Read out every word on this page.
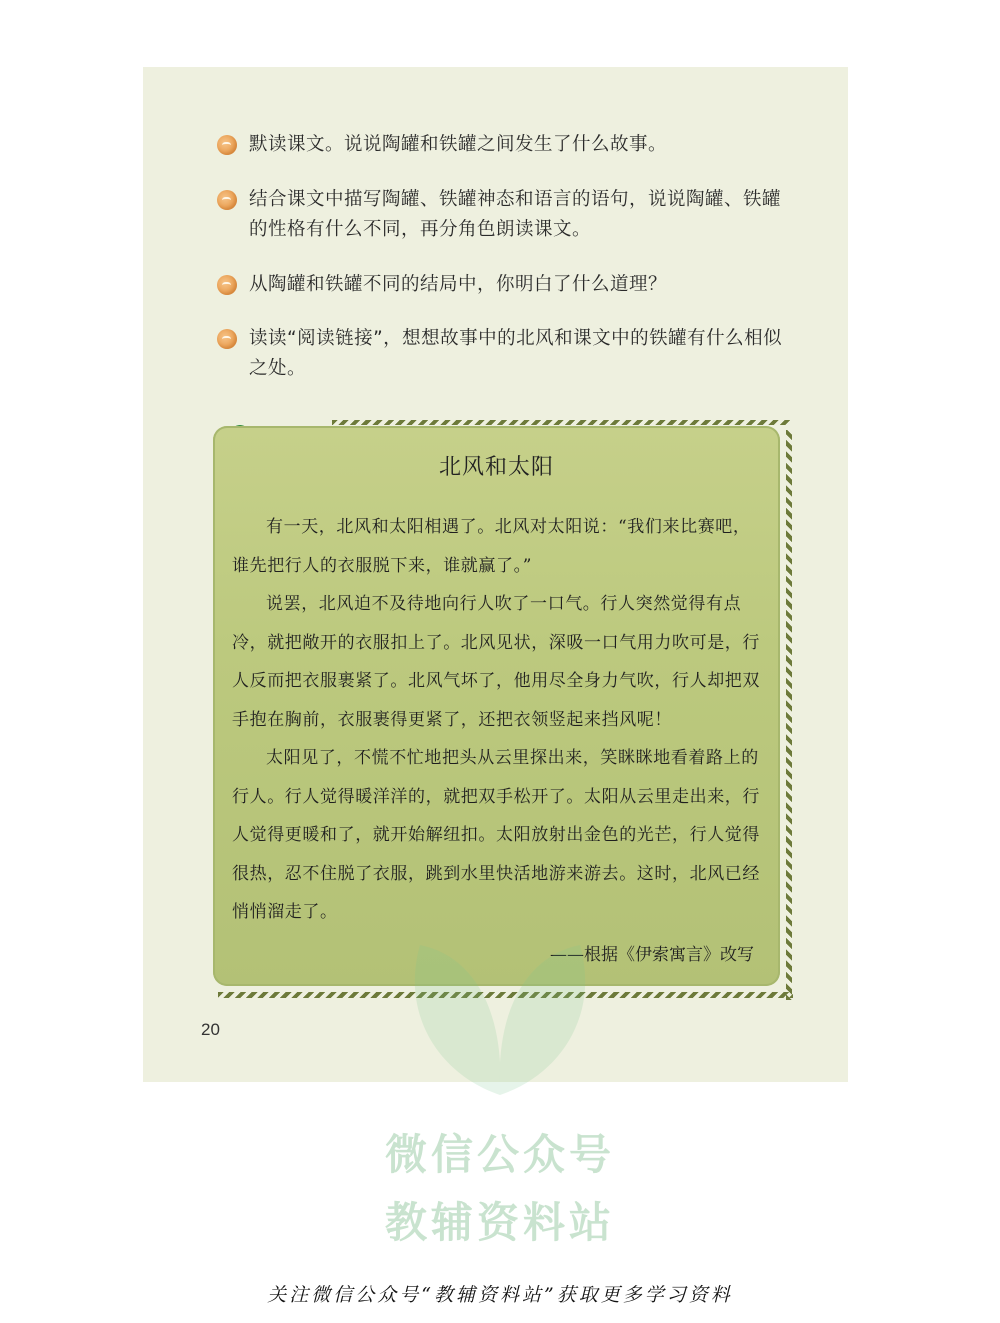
默读课文。说说陶罐和铁罐之间发生了什么故事。
结合课文中描写陶罐、铁罐神态和语言的语句，说说陶罐、铁罐的性格有什么不同，再分角色朗读课文。
从陶罐和铁罐不同的结局中，你明白了什么道理？
读读“阅读链接”，想想故事中的北风和课文中的铁罐有什么相似之处。
北风和太阳

有一天，北风和太阳相遇了。北风对太阳说：“我们来比赛吧，谁先把行人的衣服脱下来，谁就赢了。”

说罢，北风迫不及待地向行人吹了一口气。行人突然觉得有点冷，就把敞开的衣服扣上了。北风见状，深吸一口气用力吹可是，行人反而把衣服裹紧了。北风气坏了，他用尽全身力气吹，行人却把双手抱在胸前，衣服裹得更紧了，还把衣领竖起来挡风呢！

太阳见了，不慌不忙地把头从云里探出来，笑眯眯地看着路上的行人。行人觉得暖洋洋的，就把双手松开了。太阳从云里走出来，行人觉得更暖和了，就开始解纽扣。太阳放射出金色的光芒，行人觉得很热，忍不住脱了衣服，跳到水里快活地游来游去。这时，北风已经悄悄溜走了。

——根据《伊索寓言》改写
20
微信公众号
教辅资料站
关注微信公众号“教辅资料站”获取更多学习资料
